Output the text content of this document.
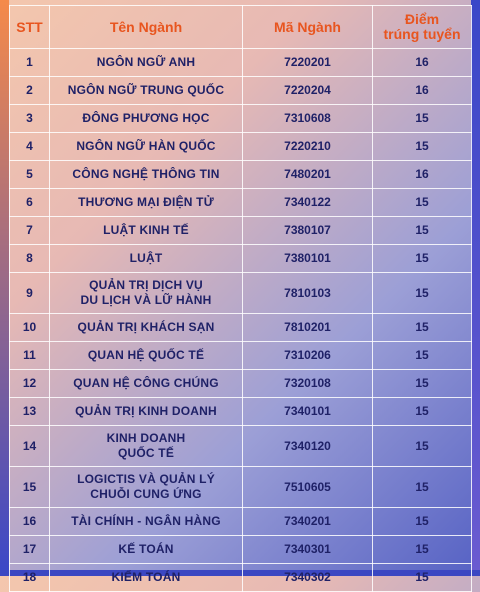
STT	Tên Ngành	Mã Ngành	Điểm
trúng tuyển

1	NGÔN NGỮ ANH	7220201	16
2	NGÔN NGỮ TRUNG QUỐC	7220204	16
3	ĐÔNG PHƯƠNG HỌC	7310608	15
4	NGÔN NGỮ HÀN QUỐC	7220210	15
5	CÔNG NGHỆ THÔNG TIN	7480201	16
6	THƯƠNG MẠI ĐIỆN TỬ	7340122	15
7	LUẬT KINH TẾ	7380107	15
8	LUẬT	7380101	15
9	QUẢN TRỊ DỊCH VỤ
DU LỊCH VÀ LỮ HÀNH	7810103	15
10	QUẢN TRỊ KHÁCH SẠN	7810201	15
11	QUAN HỆ QUỐC TẾ	7310206	15
12	QUAN HỆ CÔNG CHÚNG	7320108	15
13	QUẢN TRỊ KINH DOANH	7340101	15
14	KINH DOANH
QUỐC TẾ	7340120	15
15	LOGICTIS VÀ QUẢN LÝ
CHUỖI CUNG ỨNG	7510605	15
16	TÀI CHÍNH - NGÂN HÀNG	7340201	15
17	KẾ TOÁN	7340301	15
18	KIỂM TOÁN	7340302	15
